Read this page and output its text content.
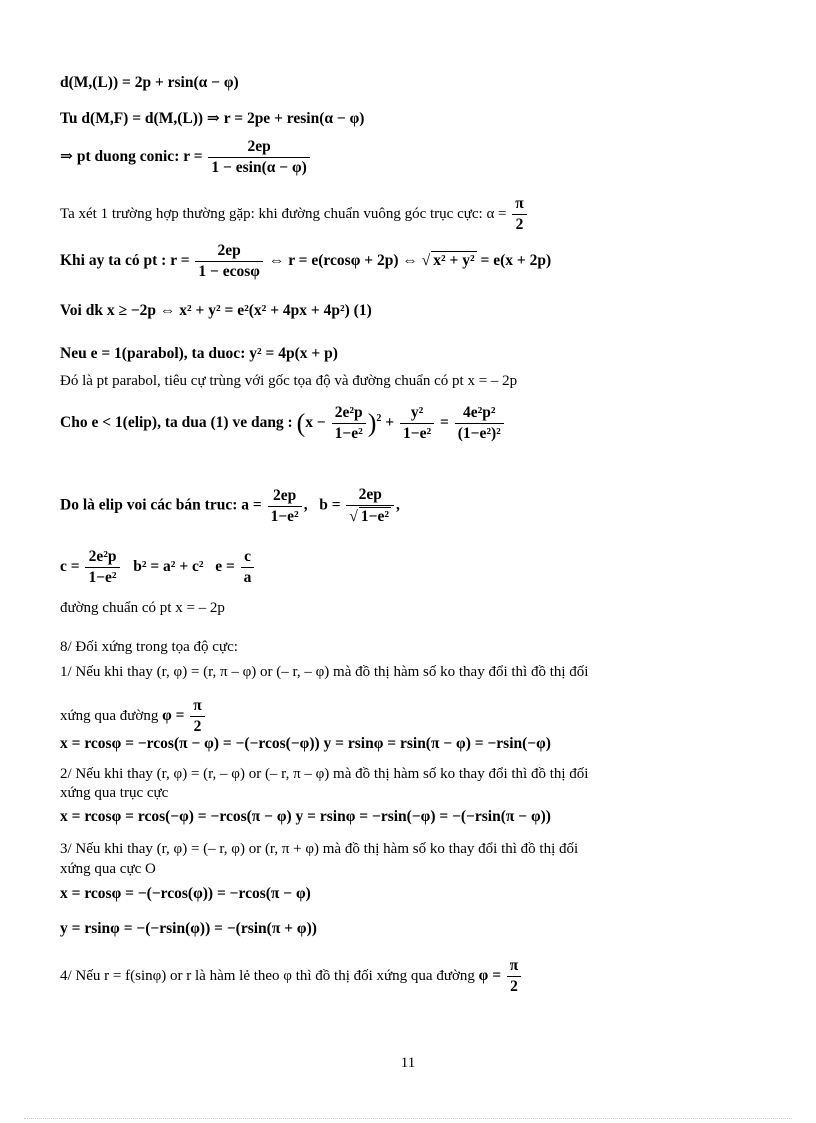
d(M,(L)) = 2p + rsin(α − φ)
Tu d(M,F) = d(M,(L)) ⇒ r = 2pe + resin(α − φ)
⇒ pt duong conic: $r = \frac{2ep}{1 - esin(\alpha - \varphi)}$
Ta xét 1 trường hợp thường gặp: khi đường chuẩn vuông góc trục cực: $\alpha = \frac{\pi}{2}$
Khi ay ta có pt : $r = \frac{2ep}{1 - ecos\varphi}$ ⇔ r = e(rcosφ + 2p) ⇔ √ x² + y² = e(x + 2p)
Voi dk x ≥ −2p ⇔ x² + y² = e²(x² + 4px + 4p²) (1)
Neu e = 1(parabol), ta duoc: y² = 4p(x + p)
Đó là pt parabol, tiêu cự trùng với gốc tọa độ và đường chuẩn có pt x = – 2p
Cho e < 1(elip), ta dua (1) ve dang : $(x - \frac{\text{2e²p}}{\text{1−e²}} )^2 + \frac{\text{y²}}{\text{1−e²}} = \frac{\text{4e²p²}}{\text{(1−e²)²}}$
Do là elip voi các bán truc: $a = \frac{2ep}{\text{1−e²}}$ ,   $b = \frac{2ep}{\text{√ 1−e²}}$ ,
$c = \frac{\text{2e²p}}{\text{1−e²}} b^2 = a^2 + c^2$ $e = \frac{c}{a}$
đường chuẩn có pt x = – 2p
8/ Đối xứng trong tọa độ cực:
1/ Nếu khi thay (r, φ) = (r, π – φ) or (– r, – φ) mà đồ thị hàm số ko thay đổi thì đồ thị đối
xứng qua đường $\varphi = \frac{\pi}{2}$
x = rcosφ = −rcos(π − φ) = −(−rcos(−φ)) y = rsinφ = rsin(π − φ) = −rsin(−φ)
2/ Nếu khi thay (r, φ) = (r, – φ) or (– r, π – φ) mà đồ thị hàm số ko thay đổi thì đồ thị đối
xứng qua trục cực
x = rcosφ = rcos(−φ) = −rcos(π − φ) y = rsinφ = −rsin(−φ) = −(−rsin(π − φ))
3/ Nếu khi thay (r, φ) = (– r, φ) or (r, π + φ) mà đồ thị hàm số ko thay đổi thì đồ thị đối
xứng qua cực O
x = rcosφ = −(−rcos(φ)) = −rcos(π − φ)
y = rsinφ = −(−rsin(φ)) = −(rsin(π + φ))
4/ Nếu r = f(sinφ) or r là hàm lẻ theo φ thì đồ thị đối xứng qua đường $\varphi = \frac{\pi}{2}$
11
